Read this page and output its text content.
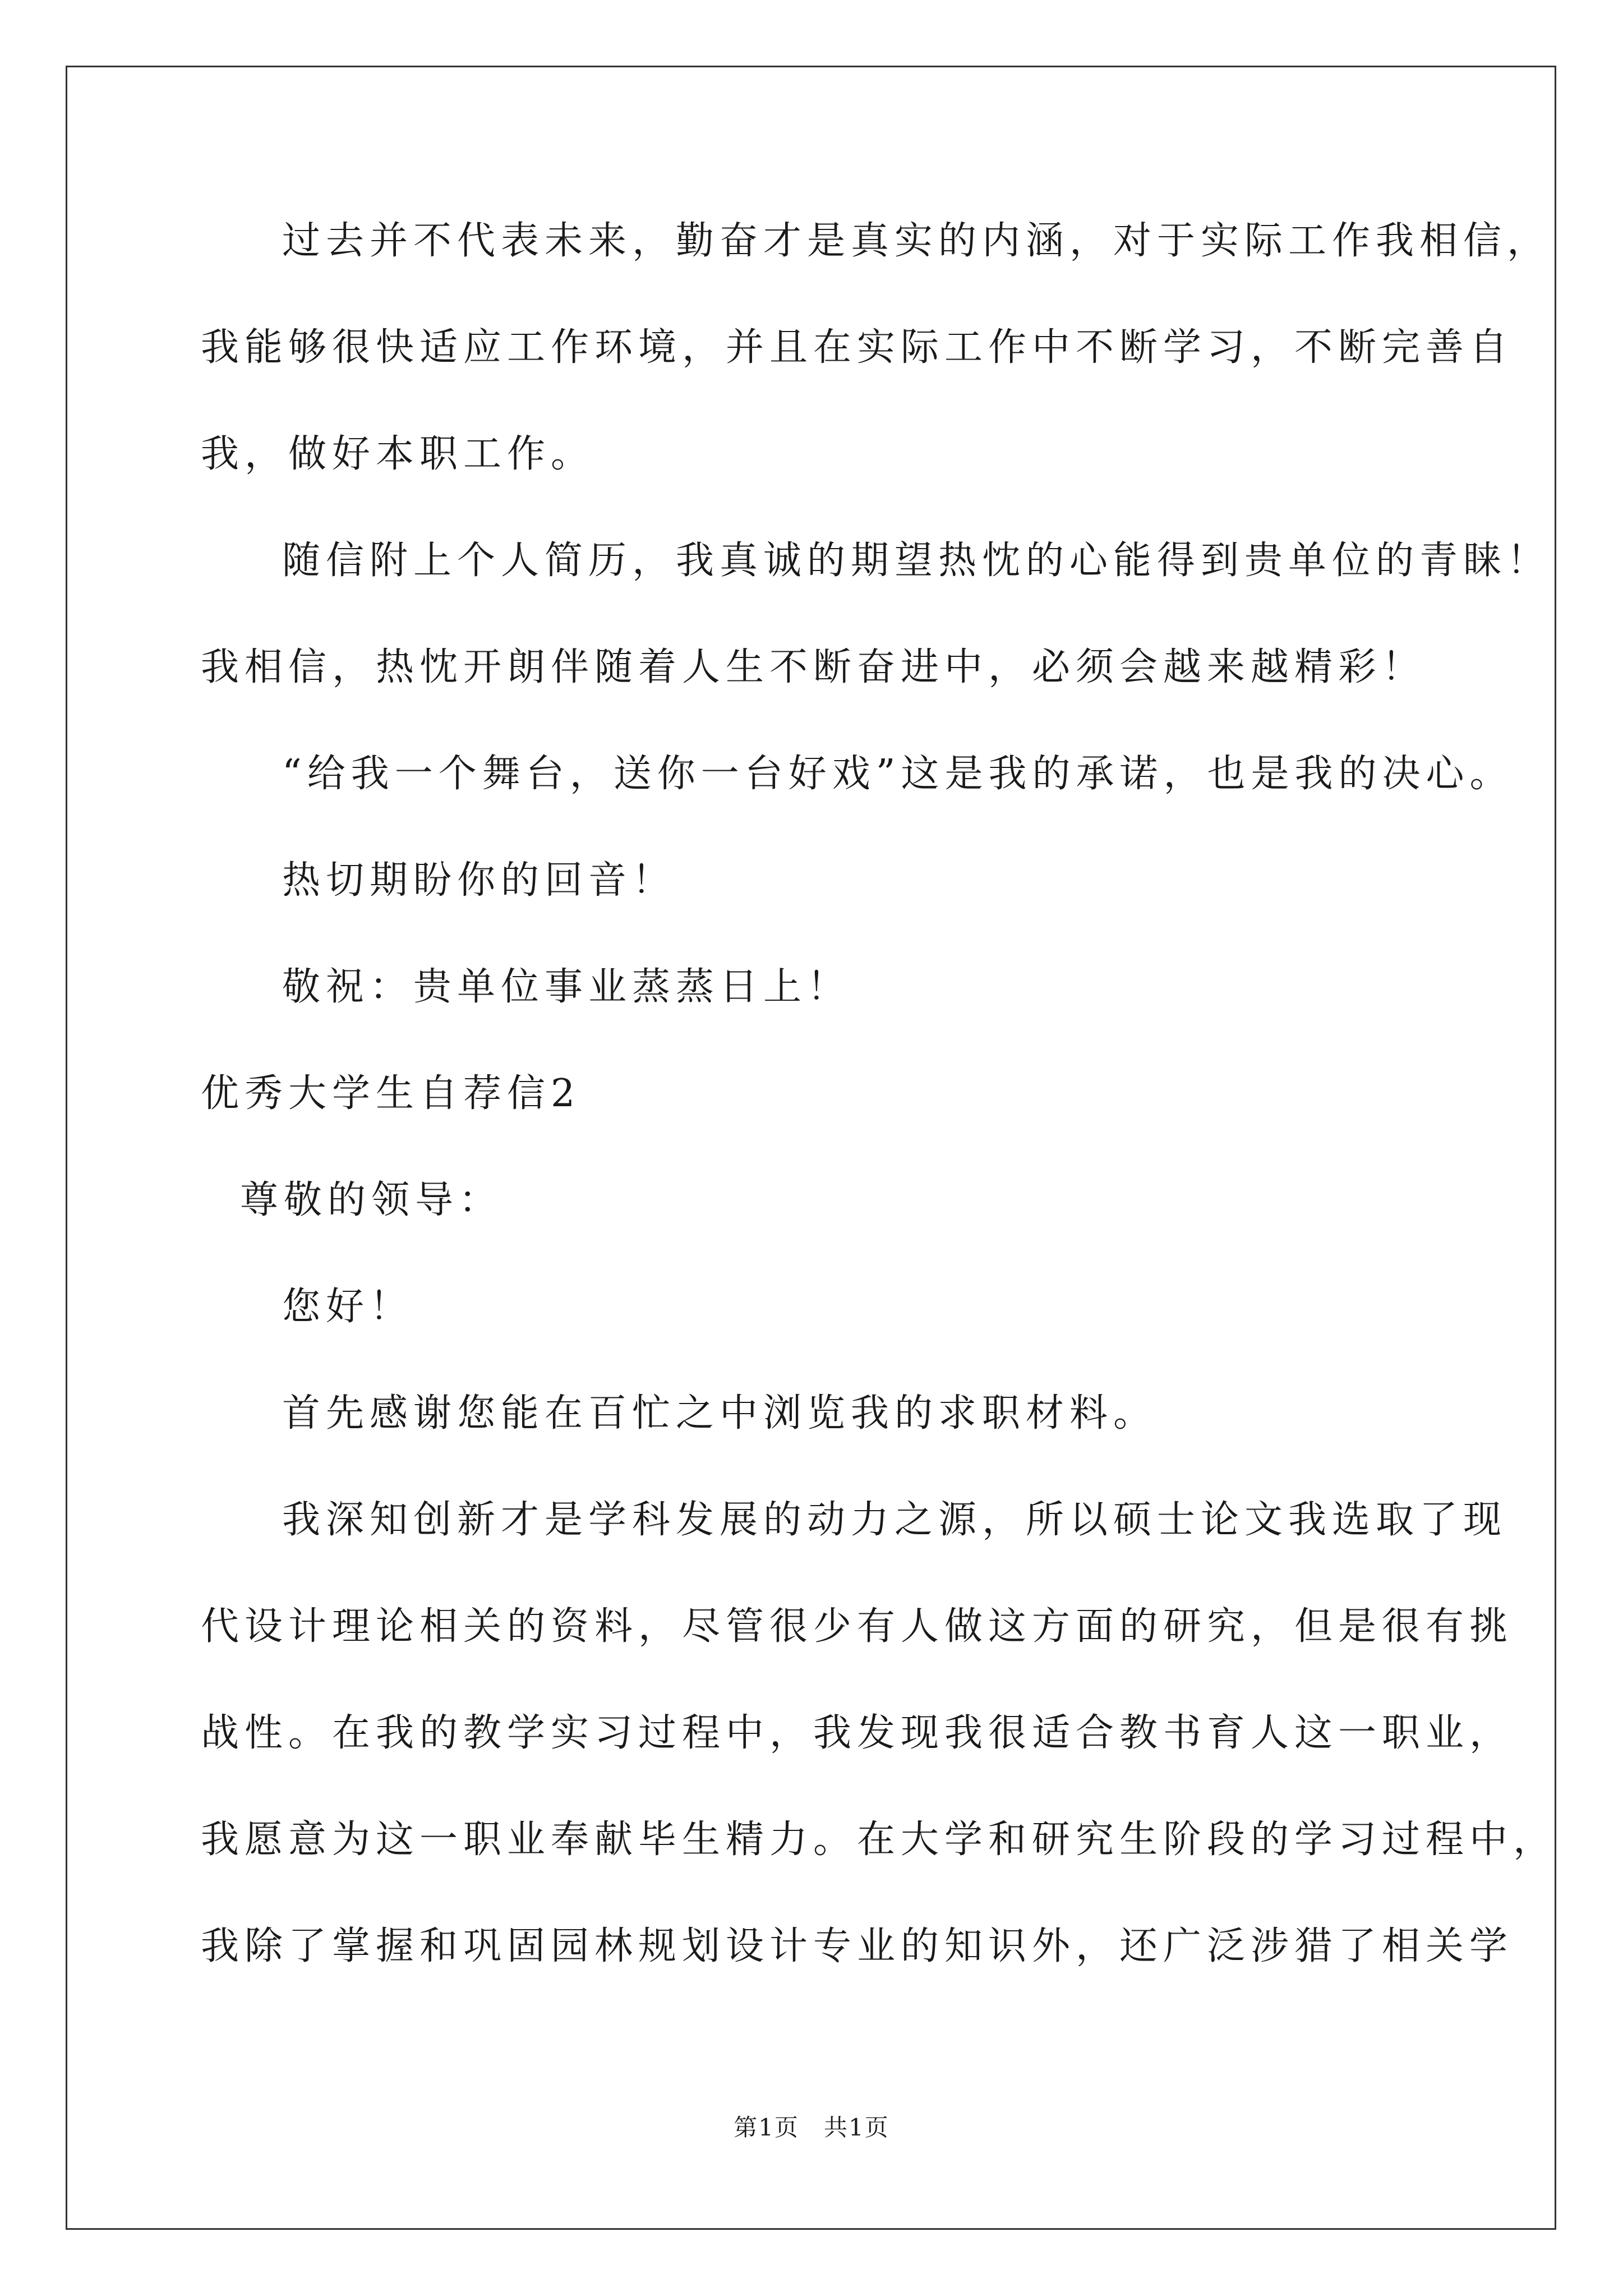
过去并不代表未来，勤奋才是真实的内涵，对于实际工作我相信，
我能够很快适应工作环境，并且在实际工作中不断学习，不断完善自
我，做好本职工作。
随信附上个人简历，我真诚的期望热忱的心能得到贵单位的青睐！
我相信，热忱开朗伴随着人生不断奋进中，必须会越来越精彩！
“给我一个舞台，送你一台好戏”这是我的承诺，也是我的决心。
热切期盼你的回音！
敬祝：贵单位事业蒸蒸日上！
优秀大学生自荐信2
尊敬的领导：
您好！
首先感谢您能在百忙之中浏览我的求职材料。
我深知创新才是学科发展的动力之源，所以硕士论文我选取了现
代设计理论相关的资料，尽管很少有人做这方面的研究，但是很有挑
战性。在我的教学实习过程中，我发现我很适合教书育人这一职业，
我愿意为这一职业奉献毕生精力。在大学和研究生阶段的学习过程中，
我除了掌握和巩固园林规划设计专业的知识外，还广泛涉猎了相关学
第1页　共1页
